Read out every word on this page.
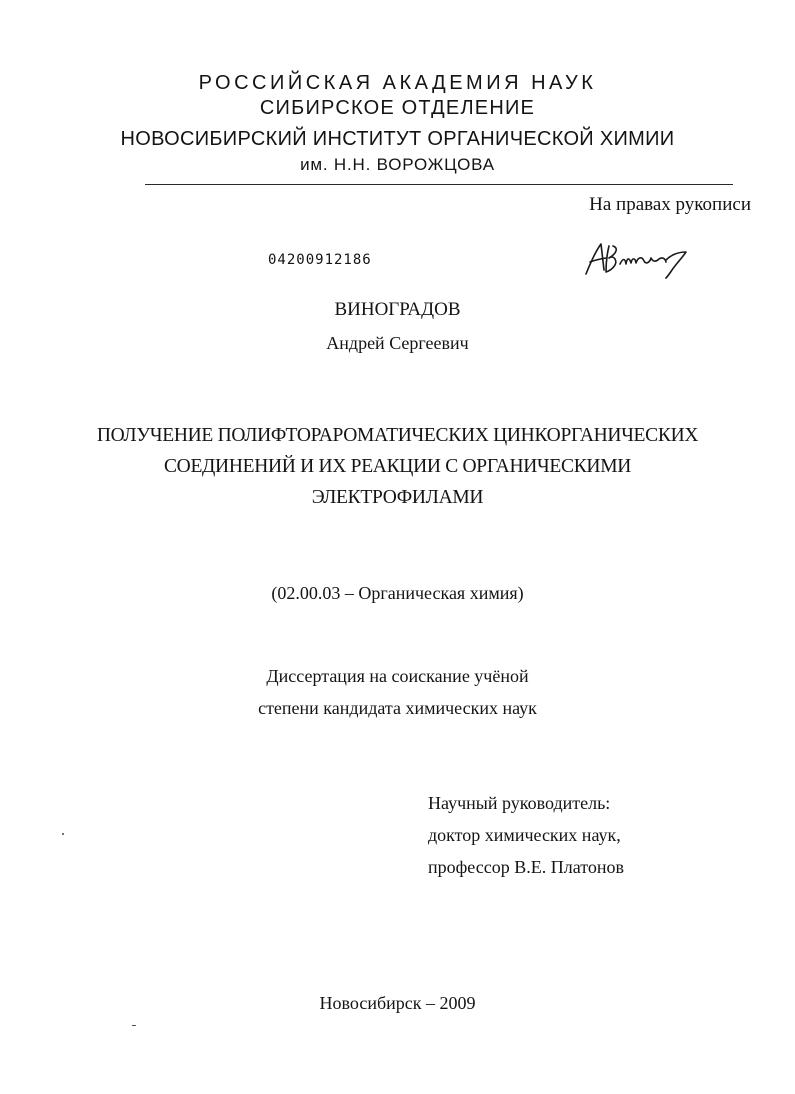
РОССИЙСКАЯ АКАДЕМИЯ НАУК

СИБИРСКОЕ ОТДЕЛЕНИЕ

НОВОСИБИРСКИЙ ИНСТИТУТ ОРГАНИЧЕСКОЙ ХИМИИ

им. Н.Н. ВОРОЖЦОВА

На правах рукописи

04200912186

ВИНОГРАДОВ

Андрей Сергеевич

ПОЛУЧЕНИЕ ПОЛИФТОРАРОМАТИЧЕСКИХ ЦИНКОРГАНИЧЕСКИХ

СОЕДИНЕНИЙ И ИХ РЕАКЦИИ С ОРГАНИЧЕСКИМИ

ЭЛЕКТРОФИЛАМИ

(02.00.03 – Органическая химия)

Диссертация на соискание учёной

степени кандидата химических наук

Научный руководитель:

доктор химических наук,

профессор В.Е. Платонов

Новосибирск – 2009
